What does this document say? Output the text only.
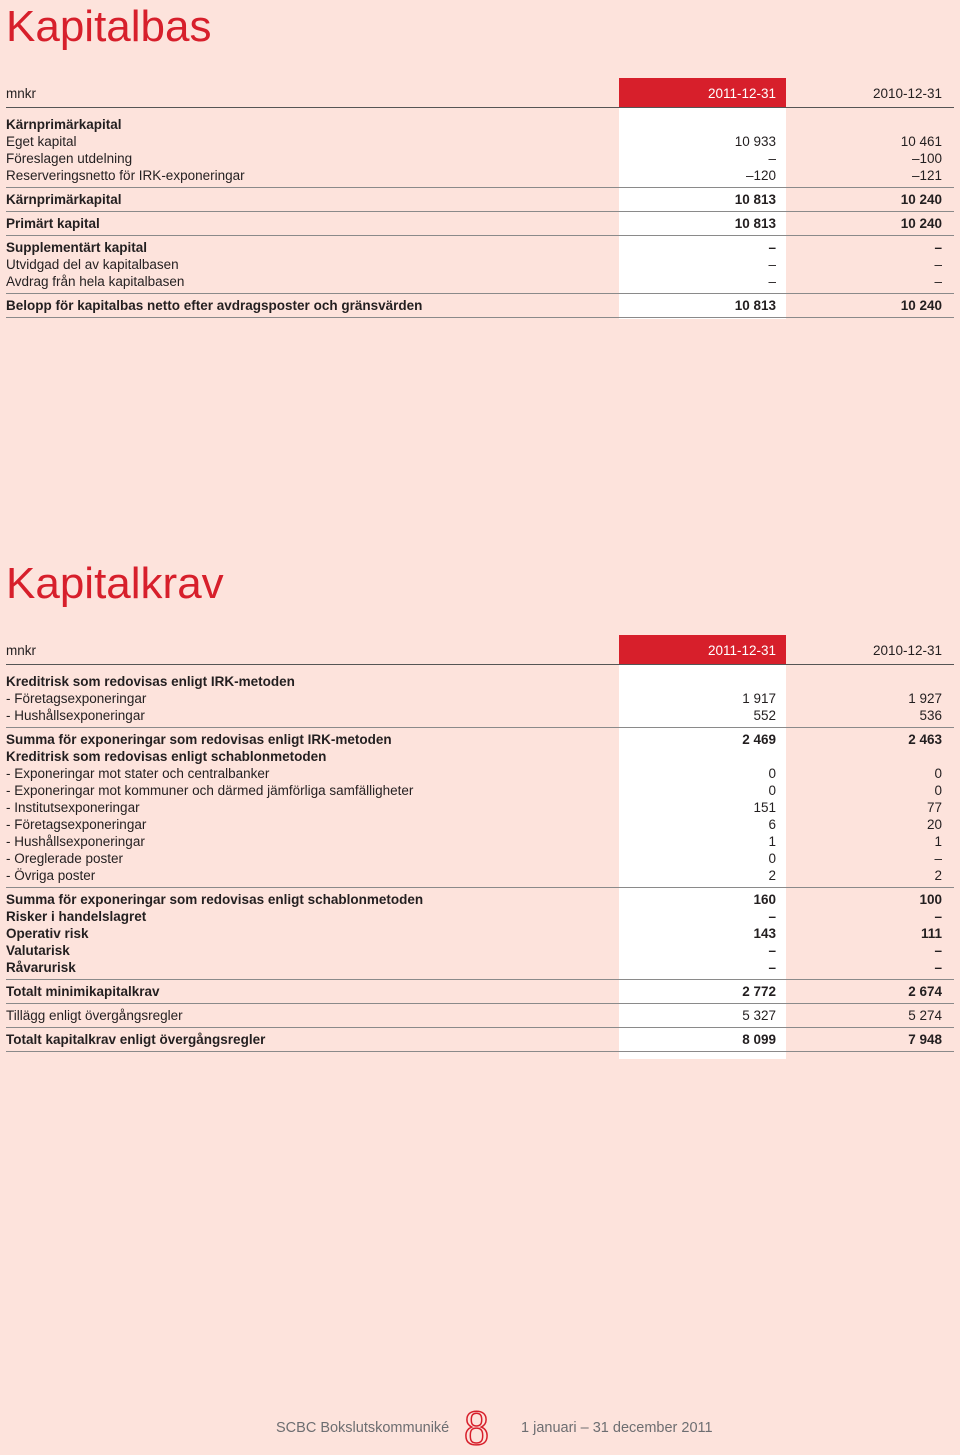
Kapitalbas
mnkr	2011-12-31	2010-12-31
Kärnprimärkapital
Eget kapital	10 933	10 461
Föreslagen utdelning	–	–100
Reserveringsnetto för IRK-exponeringar	–120	–121
Kärnprimärkapital	10 813	10 240
Primärt kapital	10 813	10 240
Supplementärt kapital	–	–
Utvidgad del av kapitalbasen	–	–
Avdrag från hela kapitalbasen	–	–
Belopp för kapitalbas netto efter avdragsposter och gränsvärden	10 813	10 240
Kapitalkrav
mnkr	2011-12-31	2010-12-31
Kreditrisk som redovisas enligt IRK-metoden
- Företagsexponeringar	1 917	1 927
- Hushållsexponeringar	552	536
Summa för exponeringar som redovisas enligt IRK-metoden	2 469	2 463
Kreditrisk som redovisas enligt schablonmetoden
- Exponeringar mot stater och centralbanker	0	0
- Exponeringar mot kommuner och därmed jämförliga samfälligheter	0	0
- Institutsexponeringar	151	77
- Företagsexponeringar	6	20
- Hushållsexponeringar	1	1
- Oreglerade poster	0	–
- Övriga poster	2	2
Summa för exponeringar som redovisas enligt schablonmetoden	160	100
Risker i handelslagret	–	–
Operativ risk	143	111
Valutarisk	–	–
Råvarurisk	–	–
Totalt minimikapitalkrav	2 772	2 674
Tillägg enligt övergångsregler	5 327	5 274
Totalt kapitalkrav enligt övergångsregler	8 099	7 948
SCBC Bokslutskommuniké 8 1 januari – 31 december 2011
